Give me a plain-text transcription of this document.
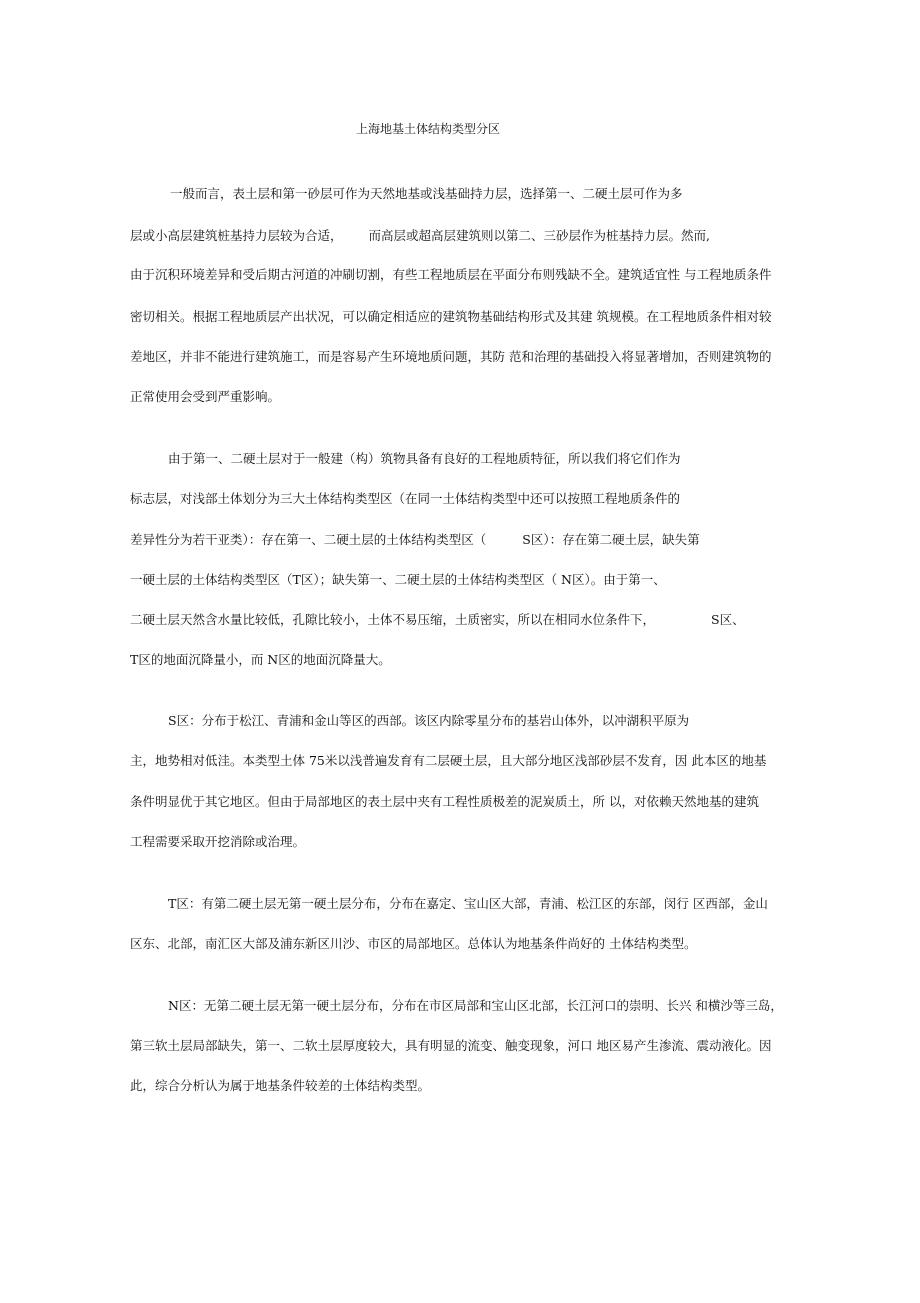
上海地基土体结构类型分区
一般而言，表土层和第一砂层可作为天然地基或浅基础持力层，选择第一、二硬土层可作为多
层或小高层建筑桩基持力层较为合适， 而高层或超高层建筑则以第二、三砂层作为桩基持力层。然而,
由于沉积环境差异和受后期古河道的冲刷切割，有些工程地质层在平面分布则残缺不全。建筑适宜性 与工程地质条件
密切相关。根据工程地质层产出状况，可以确定相适应的建筑物基础结构形式及其建 筑规模。在工程地质条件相对较
差地区，并非不能进行建筑施工，而是容易产生环境地质问题，其防 范和治理的基础投入将显著增加，否则建筑物的
正常使用会受到严重影响。
由于第一、二硬土层对于一般建（构）筑物具备有良好的工程地质特征，所以我们将它们作为
标志层，对浅部土体划分为三大土体结构类型区（在同一土体结构类型中还可以按照工程地质条件的
差异性分为若干亚类）：存在第一、二硬土层的土体结构类型区（	S区）：存在第二硬土层，缺失第
一硬土层的土体结构类型区（T区）；缺失第一、二硬土层的土体结构类型区（ N区）。由于第一、
二硬土层天然含水量比较低，孔隙比较小，土体不易压缩，土质密实，所以在相同水位条件下，	S区、
T区的地面沉降量小，而 N区的地面沉降量大。
S区：分布于松江、青浦和金山等区的西部。该区内除零星分布的基岩山体外，以冲湖积平原为
主，地势相对低洼。本类型土体 75米以浅普遍发育有二层硬土层，且大部分地区浅部砂层不发育，因 此本区的地基
条件明显优于其它地区。但由于局部地区的表土层中夹有工程性质极差的泥炭质土，所 以，对依赖天然地基的建筑
工程需要采取开挖消除或治理。
T区：有第二硬土层无第一硬土层分布，分布在嘉定、宝山区大部，青浦、松江区的东部，闵行 区西部，金山
区东、北部，南汇区大部及浦东新区川沙、市区的局部地区。总体认为地基条件尚好的 土体结构类型。
N区：无第二硬土层无第一硬土层分布，分布在市区局部和宝山区北部，长江河口的崇明、长兴 和横沙等三岛，
第三软土层局部缺失，第一、二软土层厚度较大，具有明显的流变、触变现象，河口 地区易产生渗流、震动液化。因
此，综合分析认为属于地基条件较差的土体结构类型。
